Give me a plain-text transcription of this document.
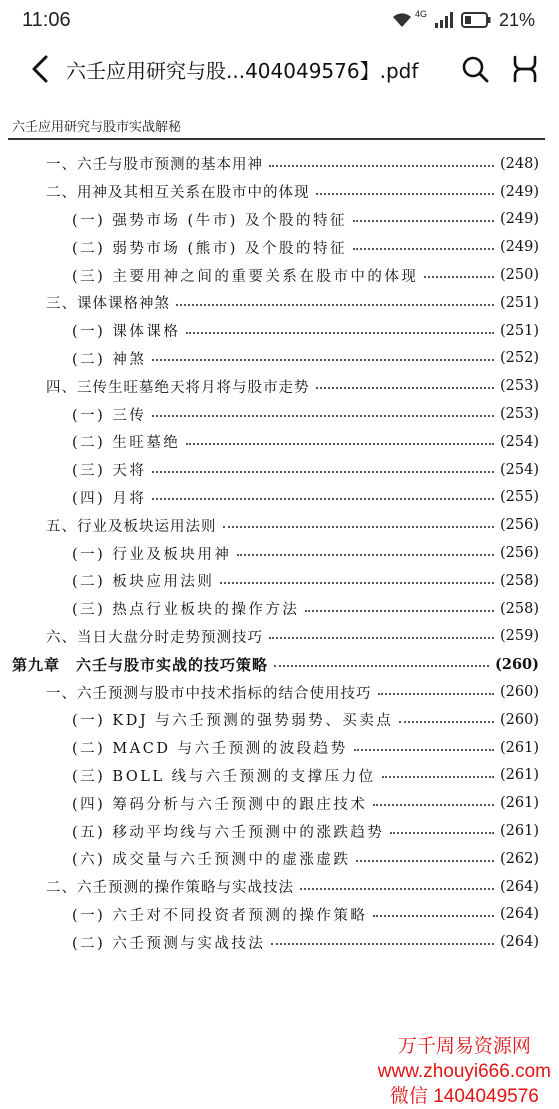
11:06	4G	21%
六壬应用研究与股...404049576】.pdf
六壬应用研究与股市实战解秘
一、六壬与股市预测的基本用神	(248)
二、用神及其相互关系在股市中的体现	(249)
(一) 强势市场 (牛市) 及个股的特征	(249)
(二) 弱势市场 (熊市) 及个股的特征	(249)
(三) 主要用神之间的重要关系在股市中的体现	(250)
三、课体课格神煞	(251)
(一) 课体课格	(251)
(二) 神煞	(252)
四、三传生旺墓绝天将月将与股市走势	(253)
(一) 三传	(253)
(二) 生旺墓绝	(254)
(三) 天将	(254)
(四) 月将	(255)
五、行业及板块运用法则	(256)
(一) 行业及板块用神	(256)
(二) 板块应用法则	(258)
(三) 热点行业板块的操作方法	(258)
六、当日大盘分时走势预测技巧	(259)
第九章　六壬与股市实战的技巧策略	(260)
一、六壬预测与股市中技术指标的结合使用技巧	(260)
(一) KDJ 与六壬预测的强势弱势、买卖点	(260)
(二) MACD 与六壬预测的波段趋势	(261)
(三) BOLL 线与六壬预测的支撑压力位	(261)
(四) 筹码分析与六壬预测中的跟庄技术	(261)
(五) 移动平均线与六壬预测中的涨跌趋势	(261)
(六) 成交量与六壬预测中的虚涨虚跌	(262)
二、六壬预测的操作策略与实战技法	(264)
(一) 六壬对不同投资者预测的操作策略	(264)
(二) 六壬预测与实战技法	(264)
万千周易资源网
www.zhouyi666.com
微信 1404049576
